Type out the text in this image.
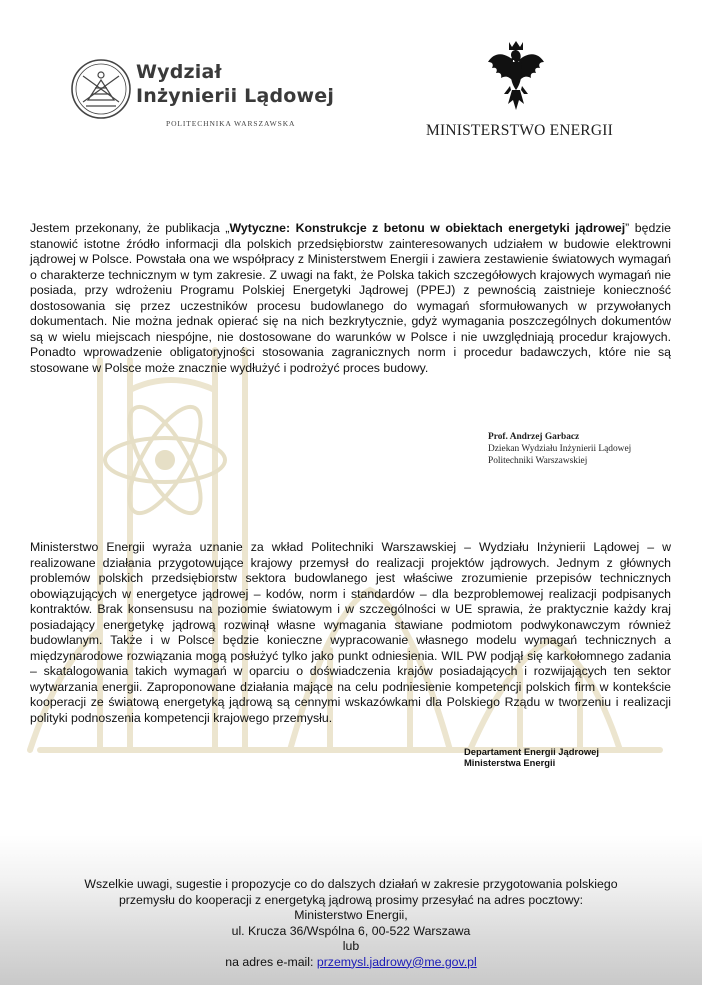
Wydział
Inżynierii Lądowej
POLITECHNIKA WARSZAWSKA	MINISTERSTWO ENERGII

Jestem przekonany, że publikacja „Wytyczne: Konstrukcje z betonu w obiektach energetyki jądrowej” będzie stanowić istotne źródło informacji dla polskich przedsiębiorstw zainteresowanych udziałem w budowie elektrowni jądrowej w Polsce. Powstała ona we współpracy z Ministerstwem Energii i zawiera zestawienie światowych wymagań o charakterze technicznym w tym zakresie. Z uwagi na fakt, że Polska takich szczegółowych krajowych wymagań nie posiada, przy wdrożeniu Programu Polskiej Energetyki Jądrowej (PPEJ) z pewnością zaistnieje konieczność dostosowania się przez uczestników procesu budowlanego do wymagań sformułowanych w przywołanych dokumentach. Nie można jednak opierać się na nich bezkrytycznie, gdyż wymagania poszczególnych dokumentów są w wielu miejscach niespójne, nie dostosowane do warunków w Polsce i nie uwzględniają procedur krajowych. Ponadto wprowadzenie obligatoryjności stosowania zagranicznych norm i procedur badawczych, które nie są stosowane w Polsce może znacznie wydłużyć i podrożyć proces budowy.

Prof. Andrzej Garbacz
Dziekan Wydziału Inżynierii Lądowej
Politechniki Warszawskiej

Ministerstwo Energii wyraża uznanie za wkład Politechniki Warszawskiej – Wydziału Inżynierii Lądowej – w realizowane działania przygotowujące krajowy przemysł do realizacji projektów jądrowych. Jednym z głównych problemów polskich przedsiębiorstw sektora budowlanego jest właściwe zrozumienie przepisów technicznych obowiązujących w energetyce jądrowej – kodów, norm i standardów – dla bezproblemowej realizacji podpisanych kontraktów. Brak konsensusu na poziomie światowym i w szczególności w UE sprawia, że praktycznie każdy kraj posiadający energetykę jądrową rozwinął własne wymagania stawiane podmiotom podwykonawczym również budowlanym. Także i w Polsce będzie konieczne wypracowanie własnego modelu wymagań technicznych a międzynarodowe rozwiązania mogą posłużyć tylko jako punkt odniesienia. WIL PW podjął się karkołomnego zadania – skatalogowania takich wymagań w oparciu o doświadczenia krajów posiadających i rozwijających ten sektor wytwarzania energii. Zaproponowane działania mające na celu podniesienie kompetencji polskich firm w kontekście kooperacji ze światową energetyką jądrową są cennymi wskazówkami dla Polskiego Rządu w tworzeniu i realizacji polityki podnoszenia kompetencji krajowego przemysłu.

Departament Energii Jądrowej
Ministerstwa Energii
Wszelkie uwagi, sugestie i propozycje co do dalszych działań w zakresie przygotowania polskiego
przemysłu do kooperacji z energetyką jądrową prosimy przesyłać na adres pocztowy:
Ministerstwo Energii,
ul. Krucza 36/Wspólna 6, 00-522 Warszawa
lub
na adres e-mail: przemysl.jadrowy@me.gov.pl
